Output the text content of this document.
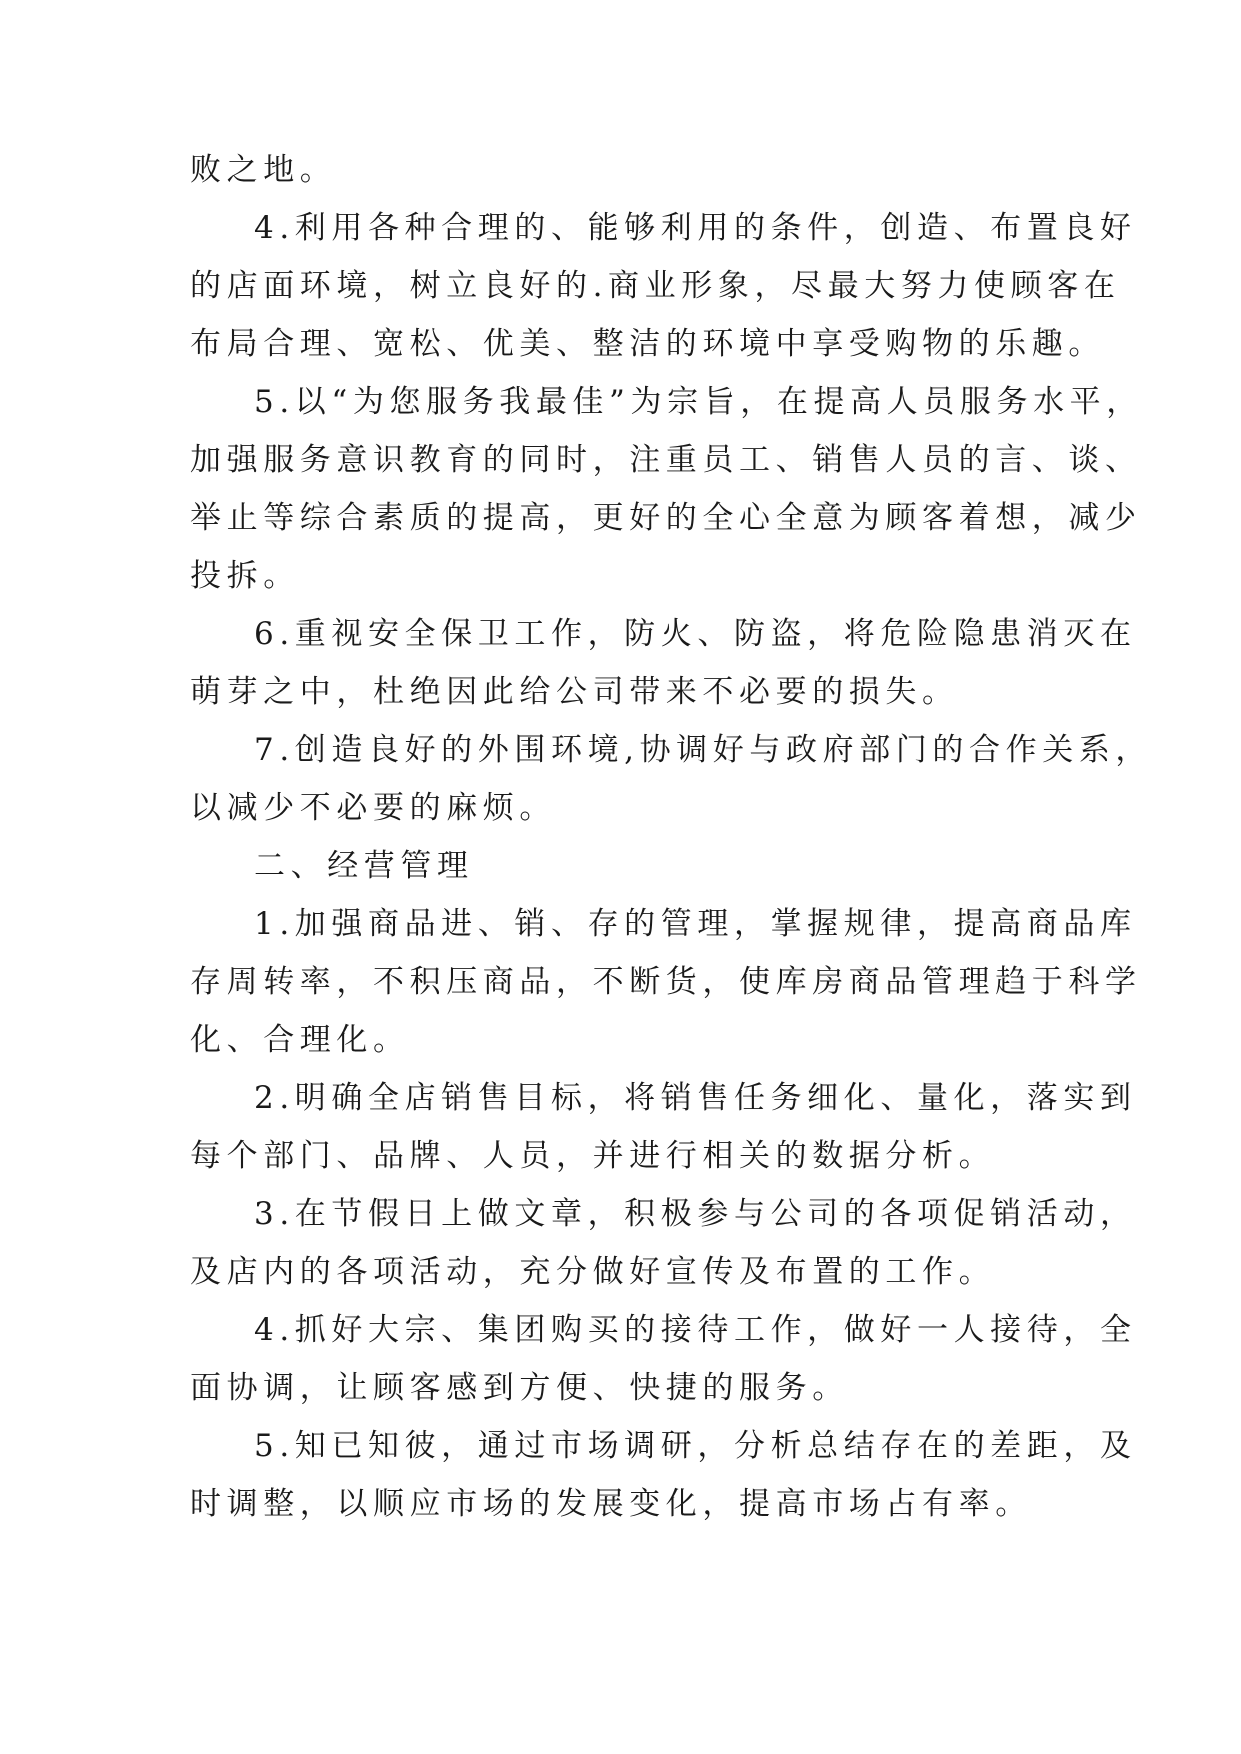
败之地。
4.利用各种合理的、能够利用的条件，创造、布置良好
的店面环境，树立良好的.商业形象，尽最大努力使顾客在
布局合理、宽松、优美、整洁的环境中享受购物的乐趣。
5.以“为您服务我最佳”为宗旨，在提高人员服务水平，
加强服务意识教育的同时，注重员工、销售人员的言、谈、
举止等综合素质的提高，更好的全心全意为顾客着想，减少
投拆。
6.重视安全保卫工作，防火、防盗，将危险隐患消灭在
萌芽之中，杜绝因此给公司带来不必要的损失。
7.创造良好的外围环境,协调好与政府部门的合作关系，
以减少不必要的麻烦。
二、经营管理
1.加强商品进、销、存的管理，掌握规律，提高商品库
存周转率，不积压商品，不断货，使库房商品管理趋于科学
化、合理化。
2.明确全店销售目标，将销售任务细化、量化，落实到
每个部门、品牌、人员，并进行相关的数据分析。
3.在节假日上做文章，积极参与公司的各项促销活动，
及店内的各项活动，充分做好宣传及布置的工作。
4.抓好大宗、集团购买的接待工作，做好一人接待，全
面协调，让顾客感到方便、快捷的服务。
5.知已知彼，通过市场调研，分析总结存在的差距，及
时调整，以顺应市场的发展变化，提高市场占有率。
